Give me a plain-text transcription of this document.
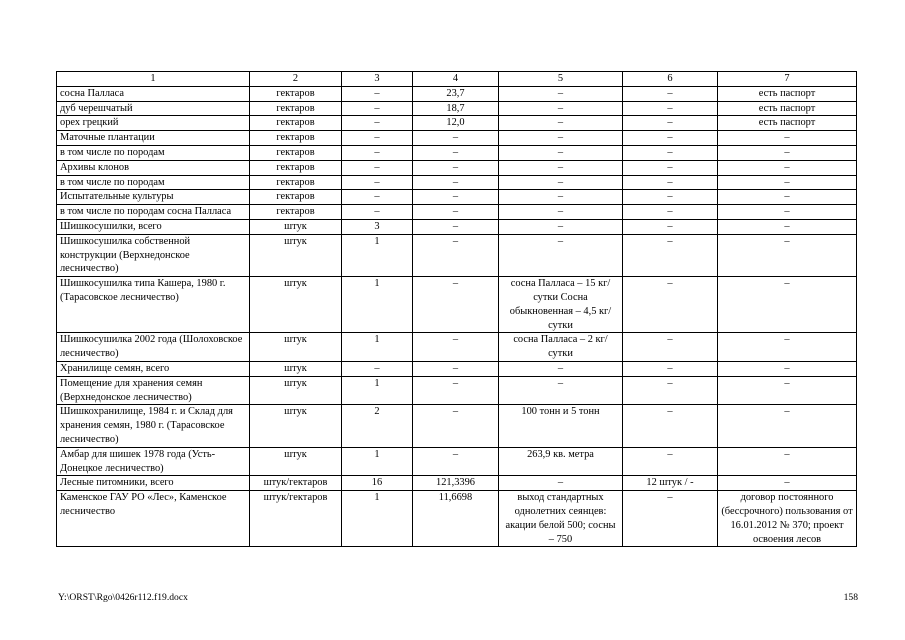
1	2	3	4	5	6	7
сосна Палласа	гектаров	–	23,7	–	–	есть паспорт
дуб черешчатый	гектаров	–	18,7	–	–	есть паспорт
орех грецкий	гектаров	–	12,0	–	–	есть паспорт
Маточные плантации	гектаров	–	–	–	–	–
в том числе по породам	гектаров	–	–	–	–	–
Архивы клонов	гектаров	–	–	–	–	–
в том числе по породам	гектаров	–	–	–	–	–
Испытательные культуры	гектаров	–	–	–	–	–
в том числе по породам сосна Палласа	гектаров	–	–	–	–	–
Шишкосушилки, всего	штук	3	–	–	–	–
Шишкосушилка собственной конструкции (Верхнедонское лесничество)	штук	1	–	–	–	–
Шишкосушилка типа Кашера, 1980 г. (Тарасовское лесничество)	штук	1	–	сосна Палласа – 15 кг/сутки Сосна обыкновенная – 4,5 кг/сутки	–	–
Шишкосушилка 2002 года (Шолоховское лесничество)	штук	1	–	сосна Палласа – 2 кг/сутки	–	–
Хранилище семян, всего	штук	–	–	–	–	–
Помещение для хранения семян (Верхнедонское лесничество)	штук	1	–	–	–	–
Шишкохранилище, 1984 г. и Склад для хранения семян, 1980 г. (Тарасовское лесничество)	штук	2	–	100 тонн и 5 тонн	–	–
Амбар для шишек 1978 года (Усть-Донецкое лесничество)	штук	1	–	263,9 кв. метра	–	–
Лесные питомники, всего	штук/гектаров	16	121,3396	–	12 штук / -	–
Каменское ГАУ РО «Лес», Каменское лесничество	штук/гектаров	1	11,6698	выход стандартных однолетних сеянцев: акации белой 500; сосны – 750	–	договор постоянного (бессрочного) пользования от 16.01.2012 № 370; проект освоения лесов
Y:\ORST\Rgo\0426r112.f19.docx	158
